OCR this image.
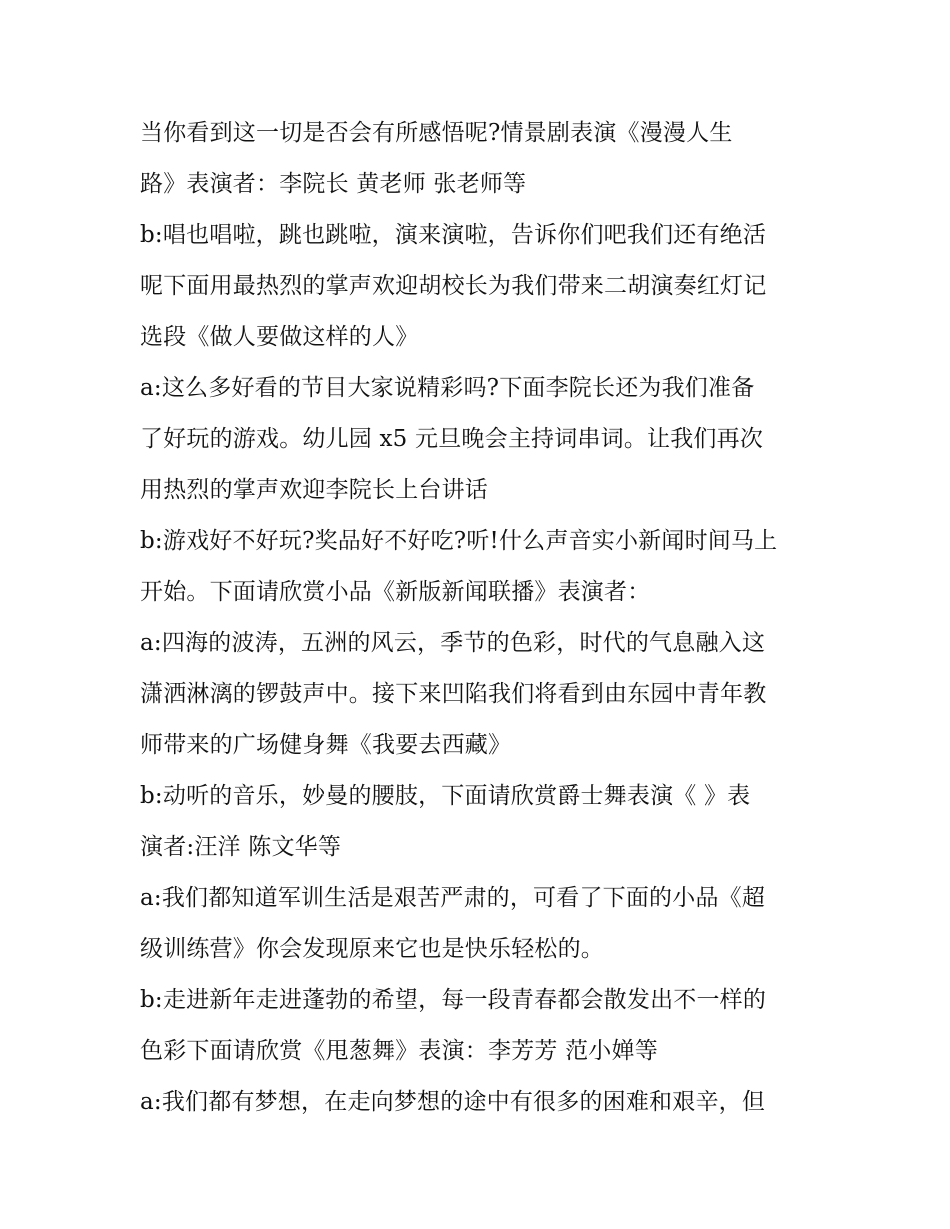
当你看到这一切是否会有所感悟呢?情景剧表演《漫漫人生
路》表演者：李院长 黄老师 张老师等
b:唱也唱啦，跳也跳啦，演来演啦，告诉你们吧我们还有绝活
呢下面用最热烈的掌声欢迎胡校长为我们带来二胡演奏红灯记
选段《做人要做这样的人》
a:这么多好看的节目大家说精彩吗?下面李院长还为我们准备
了好玩的游戏。幼儿园 x5 元旦晚会主持词串词。让我们再次
用热烈的掌声欢迎李院长上台讲话
b:游戏好不好玩?奖品好不好吃?听!什么声音实小新闻时间马上
开始。下面请欣赏小品《新版新闻联播》表演者：
a:四海的波涛，五洲的风云，季节的色彩，时代的气息融入这
潇洒淋漓的锣鼓声中。接下来凹陷我们将看到由东园中青年教
师带来的广场健身舞《我要去西藏》
b:动听的音乐，妙曼的腰肢，下面请欣赏爵士舞表演《 》表
演者:汪洋 陈文华等
a:我们都知道军训生活是艰苦严肃的，可看了下面的小品《超
级训练营》你会发现原来它也是快乐轻松的。
b:走进新年走进蓬勃的希望，每一段青春都会散发出不一样的
色彩下面请欣赏《甩葱舞》表演：李芳芳 范小婵等
a:我们都有梦想，在走向梦想的途中有很多的困难和艰辛，但
